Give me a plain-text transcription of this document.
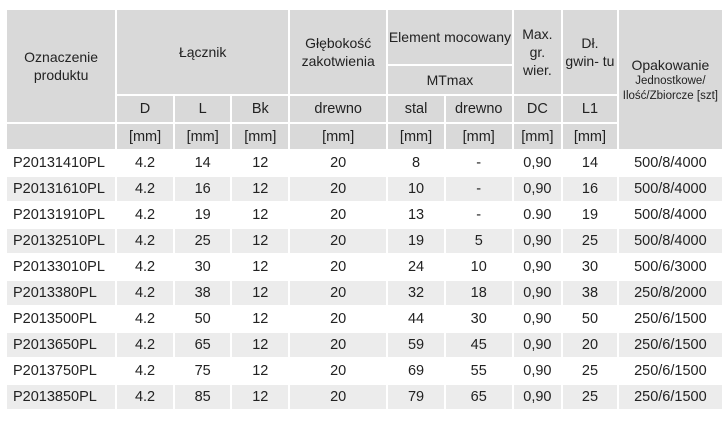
Oznaczenie produktu	Łącznik			Głębokość zakotwienia	Element mocowany		Max. gr. wier.	Dł. gwin- tu	Opakowanie
Jednostkowe/ Ilość/Zbiorcze [szt]

					MTmax				
	D	L	Bk	drewno	stal	drewno	DC	L1	
	[mm]	[mm]	[mm]	[mm]	[mm]	[mm]	[mm]	[mm]	
P20131410PL	4.2	14	12	20	8	-	0,90	14	500/8/4000
P20131610PL	4.2	16	12	20	10	-	0,90	16	500/8/4000
P20131910PL	4.2	19	12	20	13	-	0.90	19	500/8/4000
P20132510PL	4.2	25	12	20	19	5	0,90	25	500/8/4000
P20133010PL	4.2	30	12	20	24	10	0,90	30	500/6/3000
P2013380PL	4.2	38	12	20	32	18	0,90	38	250/8/2000
P2013500PL	4.2	50	12	20	44	30	0,90	50	250/6/1500
P2013650PL	4.2	65	12	20	59	45	0,90	20	250/6/1500
P2013750PL	4.2	75	12	20	69	55	0,90	25	250/6/1500
P2013850PL	4.2	85	12	20	79	65	0,90	25	250/6/1500
